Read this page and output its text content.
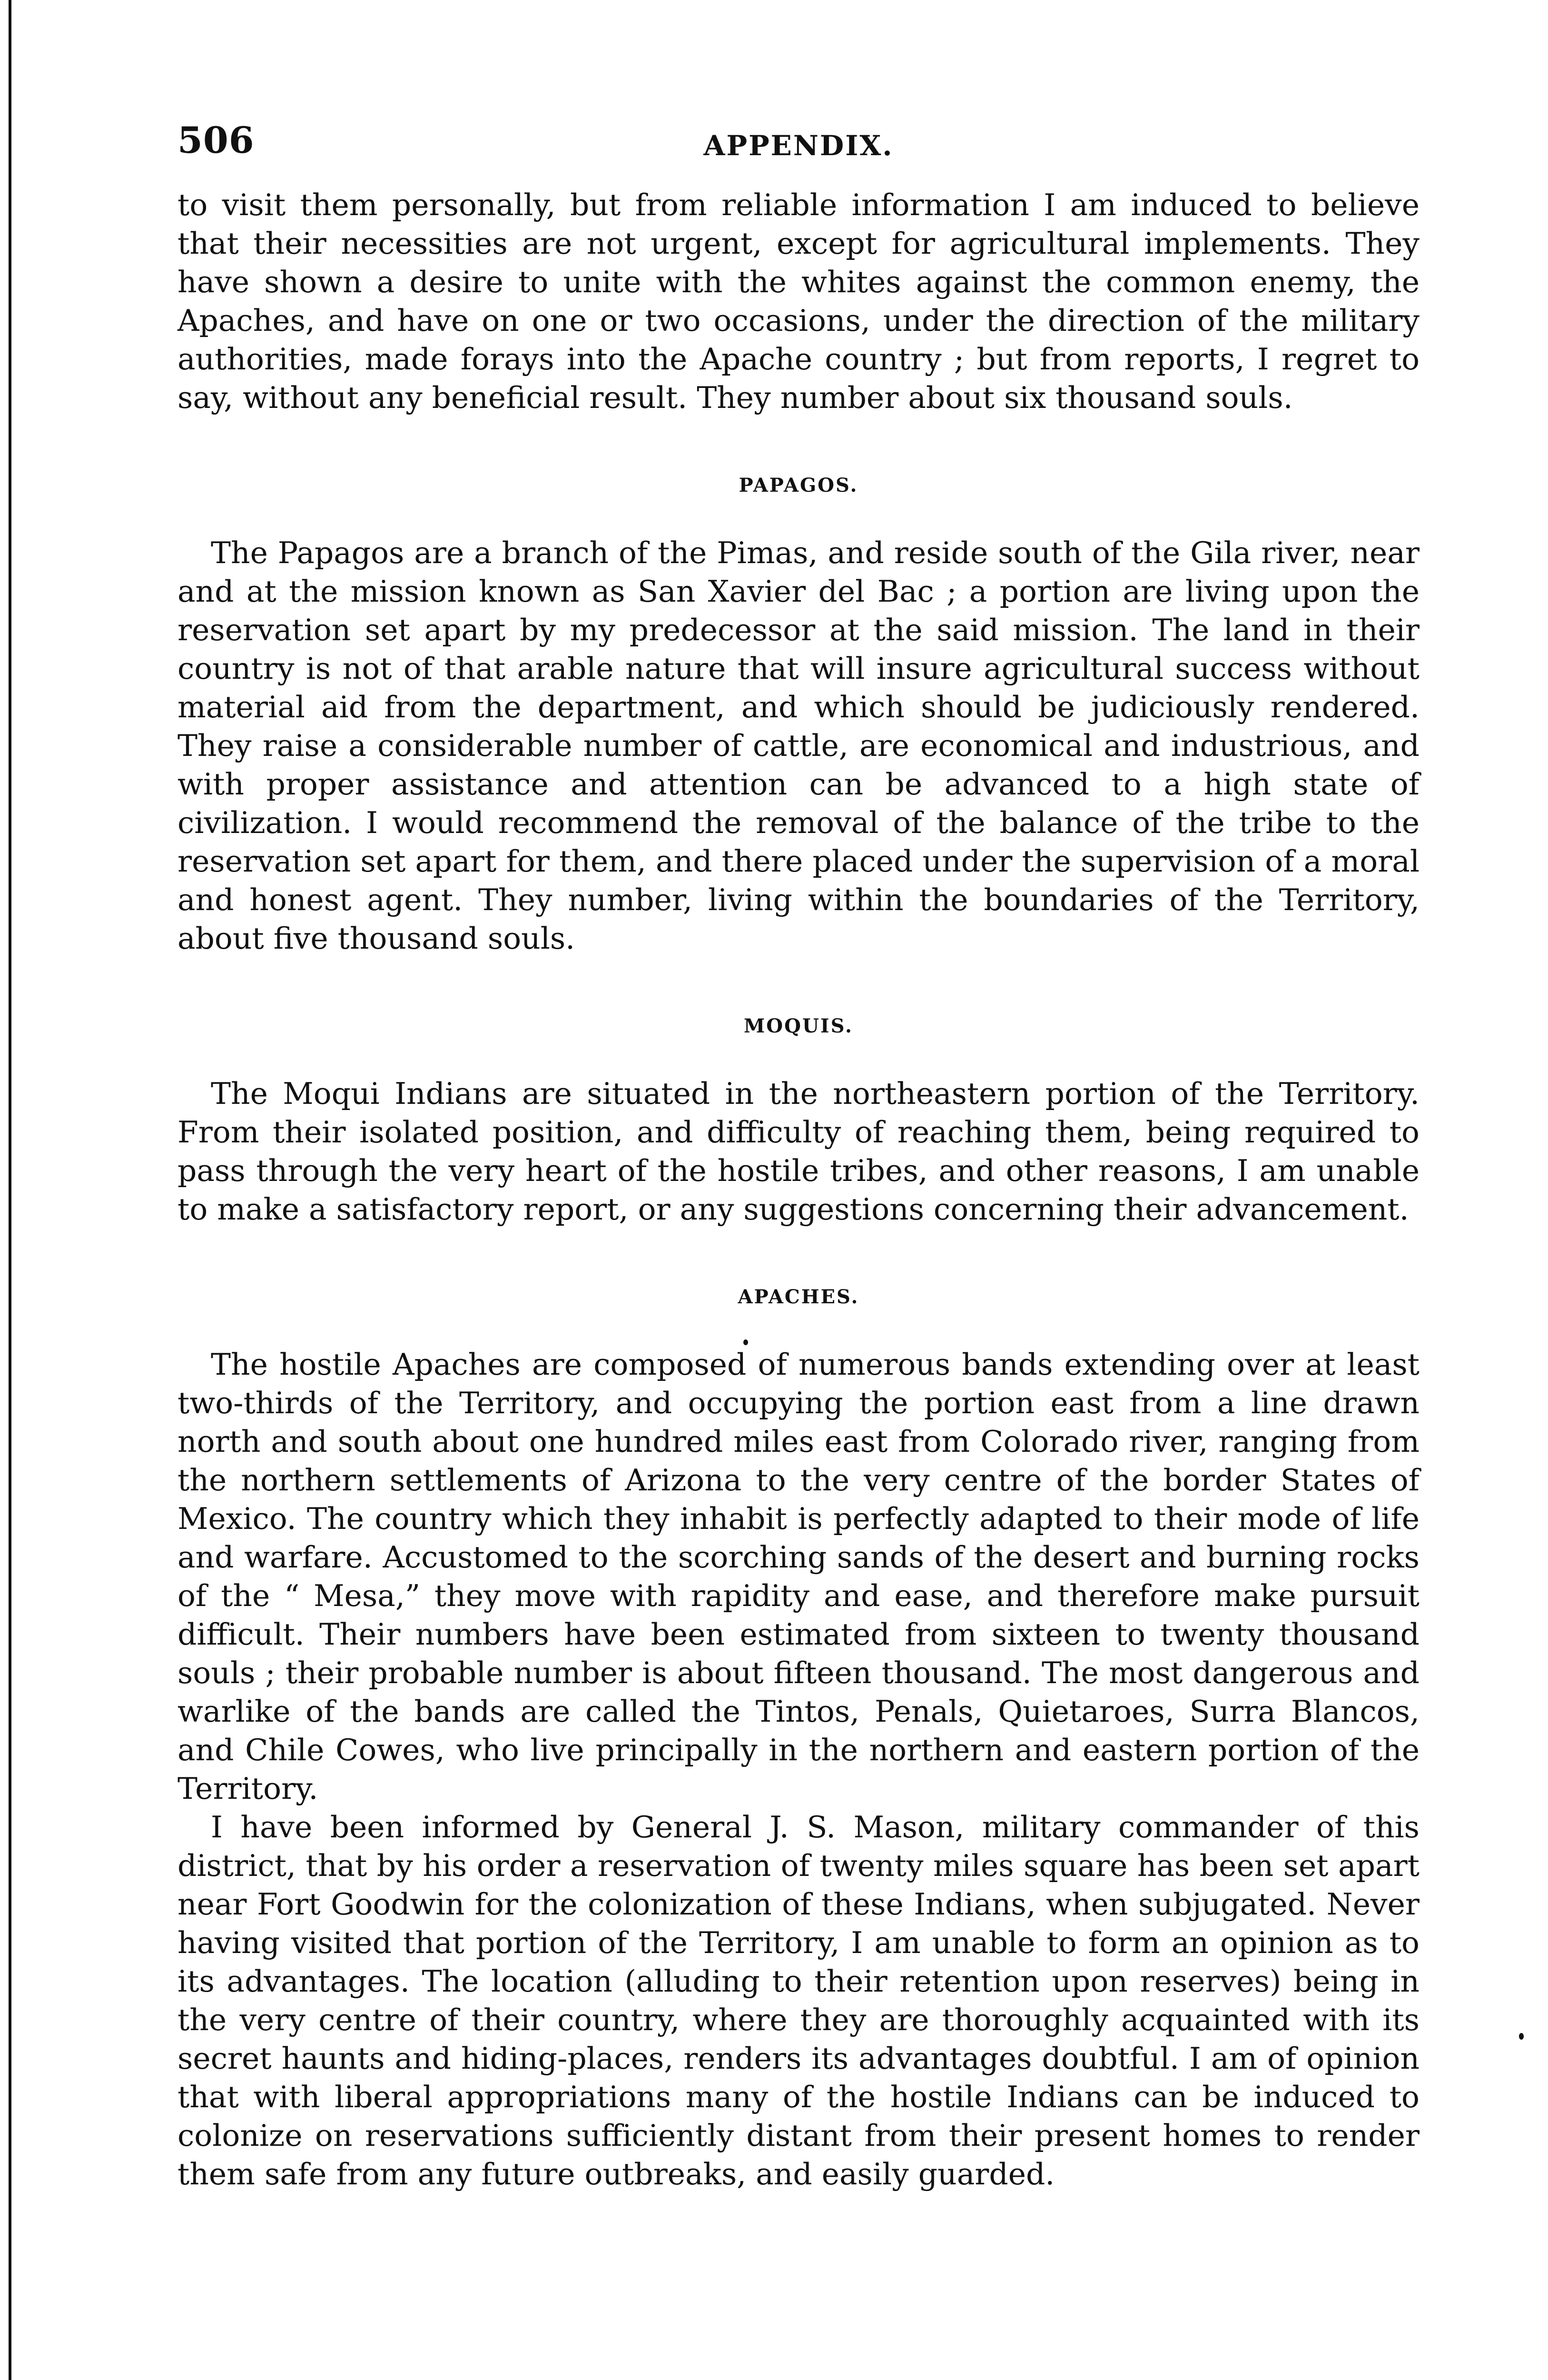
506	APPENDIX.

to visit them personally, but from reliable information I am induced to believe that their necessities are not urgent, except for agricultural implements. They have shown a desire to unite with the whites against the common enemy, the Apaches, and have on one or two occasions, under the direction of the military authorities, made forays into the Apache country ; but from reports, I regret to say, without any beneficial result. They number about six thousand souls.

PAPAGOS.

The Papagos are a branch of the Pimas, and reside south of the Gila river, near and at the mission known as San Xavier del Bac ; a portion are living upon the reservation set apart by my predecessor at the said mission. The land in their country is not of that arable nature that will insure agricultural success without material aid from the department, and which should be judiciously rendered. They raise a considerable number of cattle, are economical and industrious, and with proper assistance and attention can be advanced to a high state of civilization. I would recommend the removal of the balance of the tribe to the reservation set apart for them, and there placed under the supervision of a moral and honest agent. They number, living within the boundaries of the Territory, about five thousand souls.

MOQUIS.

The Moqui Indians are situated in the northeastern portion of the Territory. From their isolated position, and difficulty of reaching them, being required to pass through the very heart of the hostile tribes, and other reasons, I am unable to make a satisfactory report, or any suggestions concerning their advancement.

APACHES.

The hostile Apaches are composed of numerous bands extending over at least two-thirds of the Territory, and occupying the portion east from a line drawn north and south about one hundred miles east from Colorado river, ranging from the northern settlements of Arizona to the very centre of the border States of Mexico. The country which they inhabit is perfectly adapted to their mode of life and warfare. Accustomed to the scorching sands of the desert and burning rocks of the “ Mesa,” they move with rapidity and ease, and therefore make pursuit difficult. Their numbers have been estimated from sixteen to twenty thousand souls ; their probable number is about fifteen thousand. The most dangerous and warlike of the bands are called the Tintos, Penals, Quietaroes, Surra Blancos, and Chile Cowes, who live principally in the northern and eastern portion of the Territory.

I have been informed by General J. S. Mason, military commander of this district, that by his order a reservation of twenty miles square has been set apart near Fort Goodwin for the colonization of these Indians, when subjugated. Never having visited that portion of the Territory, I am unable to form an opinion as to its advantages. The location (alluding to their retention upon reserves) being in the very centre of their country, where they are thoroughly acquainted with its secret haunts and hiding-places, renders its advantages doubtful. I am of opinion that with liberal appropriations many of the hostile Indians can be induced to colonize on reservations sufficiently distant from their present homes to render them safe from any future outbreaks, and easily guarded.
